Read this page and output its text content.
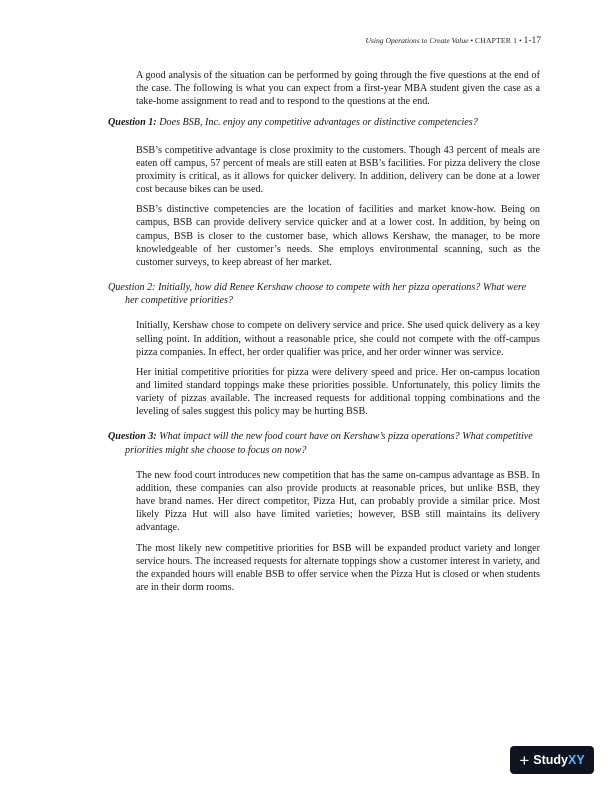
Using Operations to Create Value • CHAPTER 1 • 1-17

A good analysis of the situation can be performed by going through the five questions at the end of the case. The following is what you can expect from a first-year MBA student given the case as a take-home assignment to read and to respond to the questions at the end.

Question 1: Does BSB, Inc. enjoy any competitive advantages or distinctive competencies?

BSB’s competitive advantage is close proximity to the customers. Though 43 percent of meals are eaten off campus, 57 percent of meals are still eaten at BSB’s facilities. For pizza delivery the close proximity is critical, as it allows for quicker delivery. In addition, delivery can be done at a lower cost because bikes can be used.

BSB’s distinctive competencies are the location of facilities and market know-how. Being on campus, BSB can provide delivery service quicker and at a lower cost. In addition, by being on campus, BSB is closer to the customer base, which allows Kershaw, the manager, to be more knowledgeable of her customer’s needs. She employs environmental scanning, such as the customer surveys, to keep abreast of her market.

Question 2: Initially, how did Renee Kershaw choose to compete with her pizza operations? What were her competitive priorities?

Initially, Kershaw chose to compete on delivery service and price. She used quick delivery as a key selling point. In addition, without a reasonable price, she could not compete with the off-campus pizza companies. In effect, her order qualifier was price, and her order winner was service.

Her initial competitive priorities for pizza were delivery speed and price. Her on-campus location and limited standard toppings make these priorities possible. Unfortunately, this policy limits the variety of pizzas available. The increased requests for additional topping combinations and the leveling of sales suggest this policy may be hurting BSB.

Question 3: What impact will the new food court have on Kershaw’s pizza operations? What competitive priorities might she choose to focus on now?

The new food court introduces new competition that has the same on-campus advantage as BSB. In addition, these companies can also provide products at reasonable prices, but unlike BSB, they have brand names. Her direct competitor, Pizza Hut, can probably provide a similar price. Most likely Pizza Hut will also have limited varieties; however, BSB still maintains its delivery advantage.

The most likely new competitive priorities for BSB will be expanded product variety and longer service hours. The increased requests for alternate toppings show a customer interest in variety, and the expanded hours will enable BSB to offer service when the Pizza Hut is closed or when students are in their dorm rooms.

+ Study XY
